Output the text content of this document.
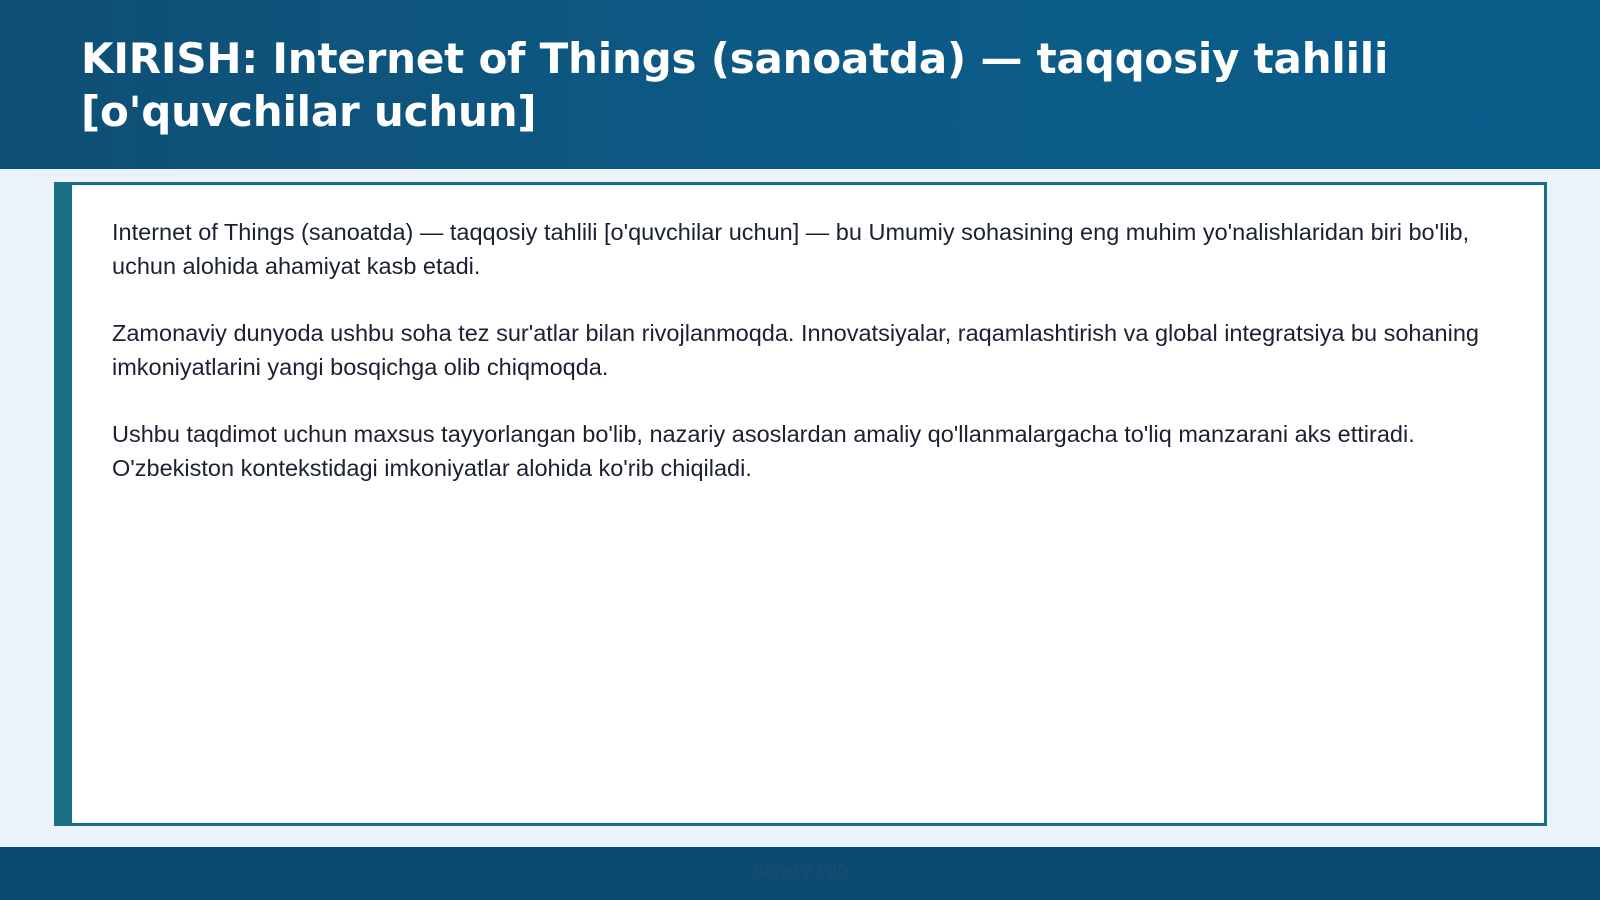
KIRISH: Internet of Things (sanoatda) — taqqosiy tahlili [o'quvchilar uchun]

Internet of Things (sanoatda) — taqqosiy tahlili [o'quvchilar uchun] — bu Umumiy sohasining eng muhim yo'nalishlaridan biri bo'lib, uchun alohida ahamiyat kasb etadi.

Zamonaviy dunyoda ushbu soha tez sur'atlar bilan rivojlanmoqda. Innovatsiyalar, raqamlashtirish va global integratsiya bu sohaning imkoniyatlarini yangi bosqichga olib chiqmoqda.

Ushbu taqdimot uchun maxsus tayyorlangan bo'lib, nazariy asoslardan amaliy qo'llanmalargacha to'liq manzarani aks ettiradi. O'zbekiston kontekstidagi imkoniyatlar alohida ko'rib chiqiladi.

Slayd 2 / 20
